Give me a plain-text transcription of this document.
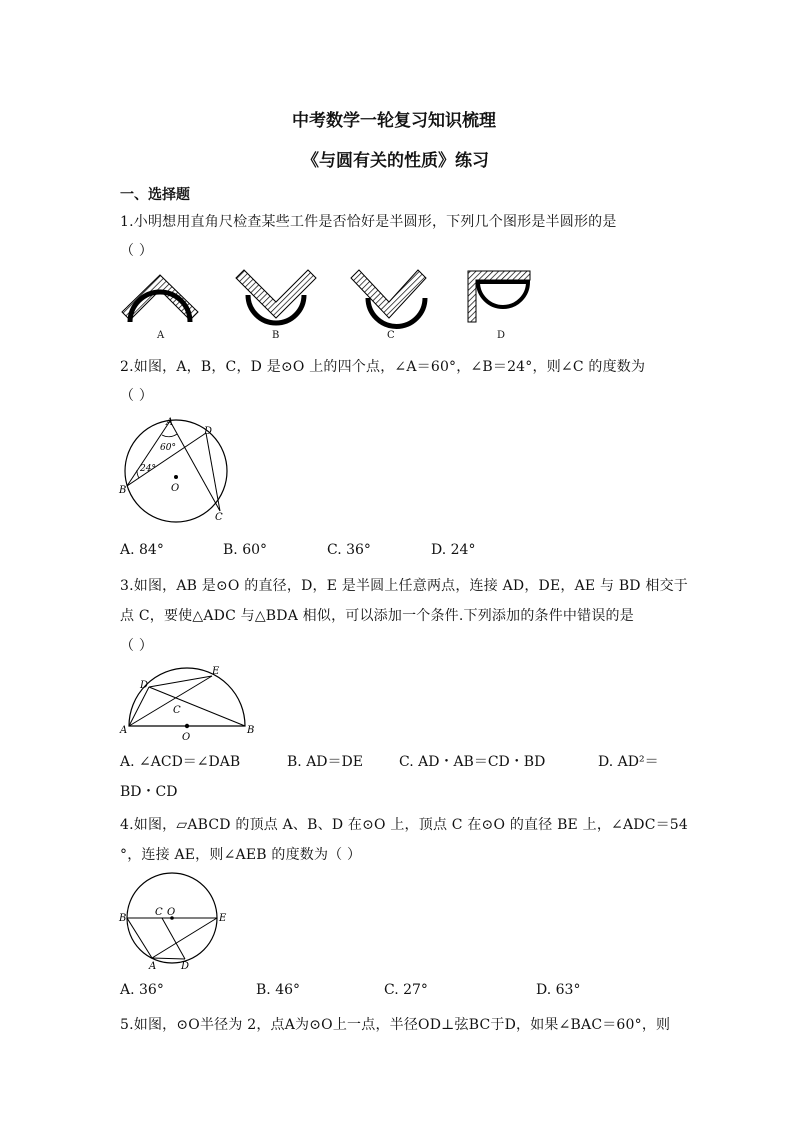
中考数学一轮复习知识梳理
《与圆有关的性质》练习
一、选择题
1.小明想用直角尺检查某些工件是否恰好是半圆形，下列几个图形是半圆形的是
（ ）
A	B	C	D
2.如图，A，B，C，D 是⊙O 上的四个点，∠A＝60°，∠B＝24°，则∠C 的度数为
（ ）
A
B
C
D
O
60°
24°
A. 84°	B. 60°	C. 36°	D. 24°
3.如图，AB 是⊙O 的直径，D，E 是半圆上任意两点，连接 AD，DE，AE 与 BD 相交于
点 C，要使△ADC 与△BDA 相似，可以添加一个条件.下列添加的条件中错误的是
（ ）
A	B
C
D
E
O
A. ∠ACD＝∠DAB	B. AD＝DE	C. AD・AB＝CD・BD	D. AD²＝
BD・CD
4.如图，▱ABCD 的顶点 A、B、D 在⊙O 上，顶点 C 在⊙O 的直径 BE 上，∠ADC＝54
°，连接 AE，则∠AEB 的度数为（ ）
B	E
C O
A D
A. 36°	B. 46°	C. 27°	D. 63°
5.如图，⊙O半径为 2，点A为⊙O上一点，半径OD⊥弦BC于D，如果∠BAC＝60°，则
